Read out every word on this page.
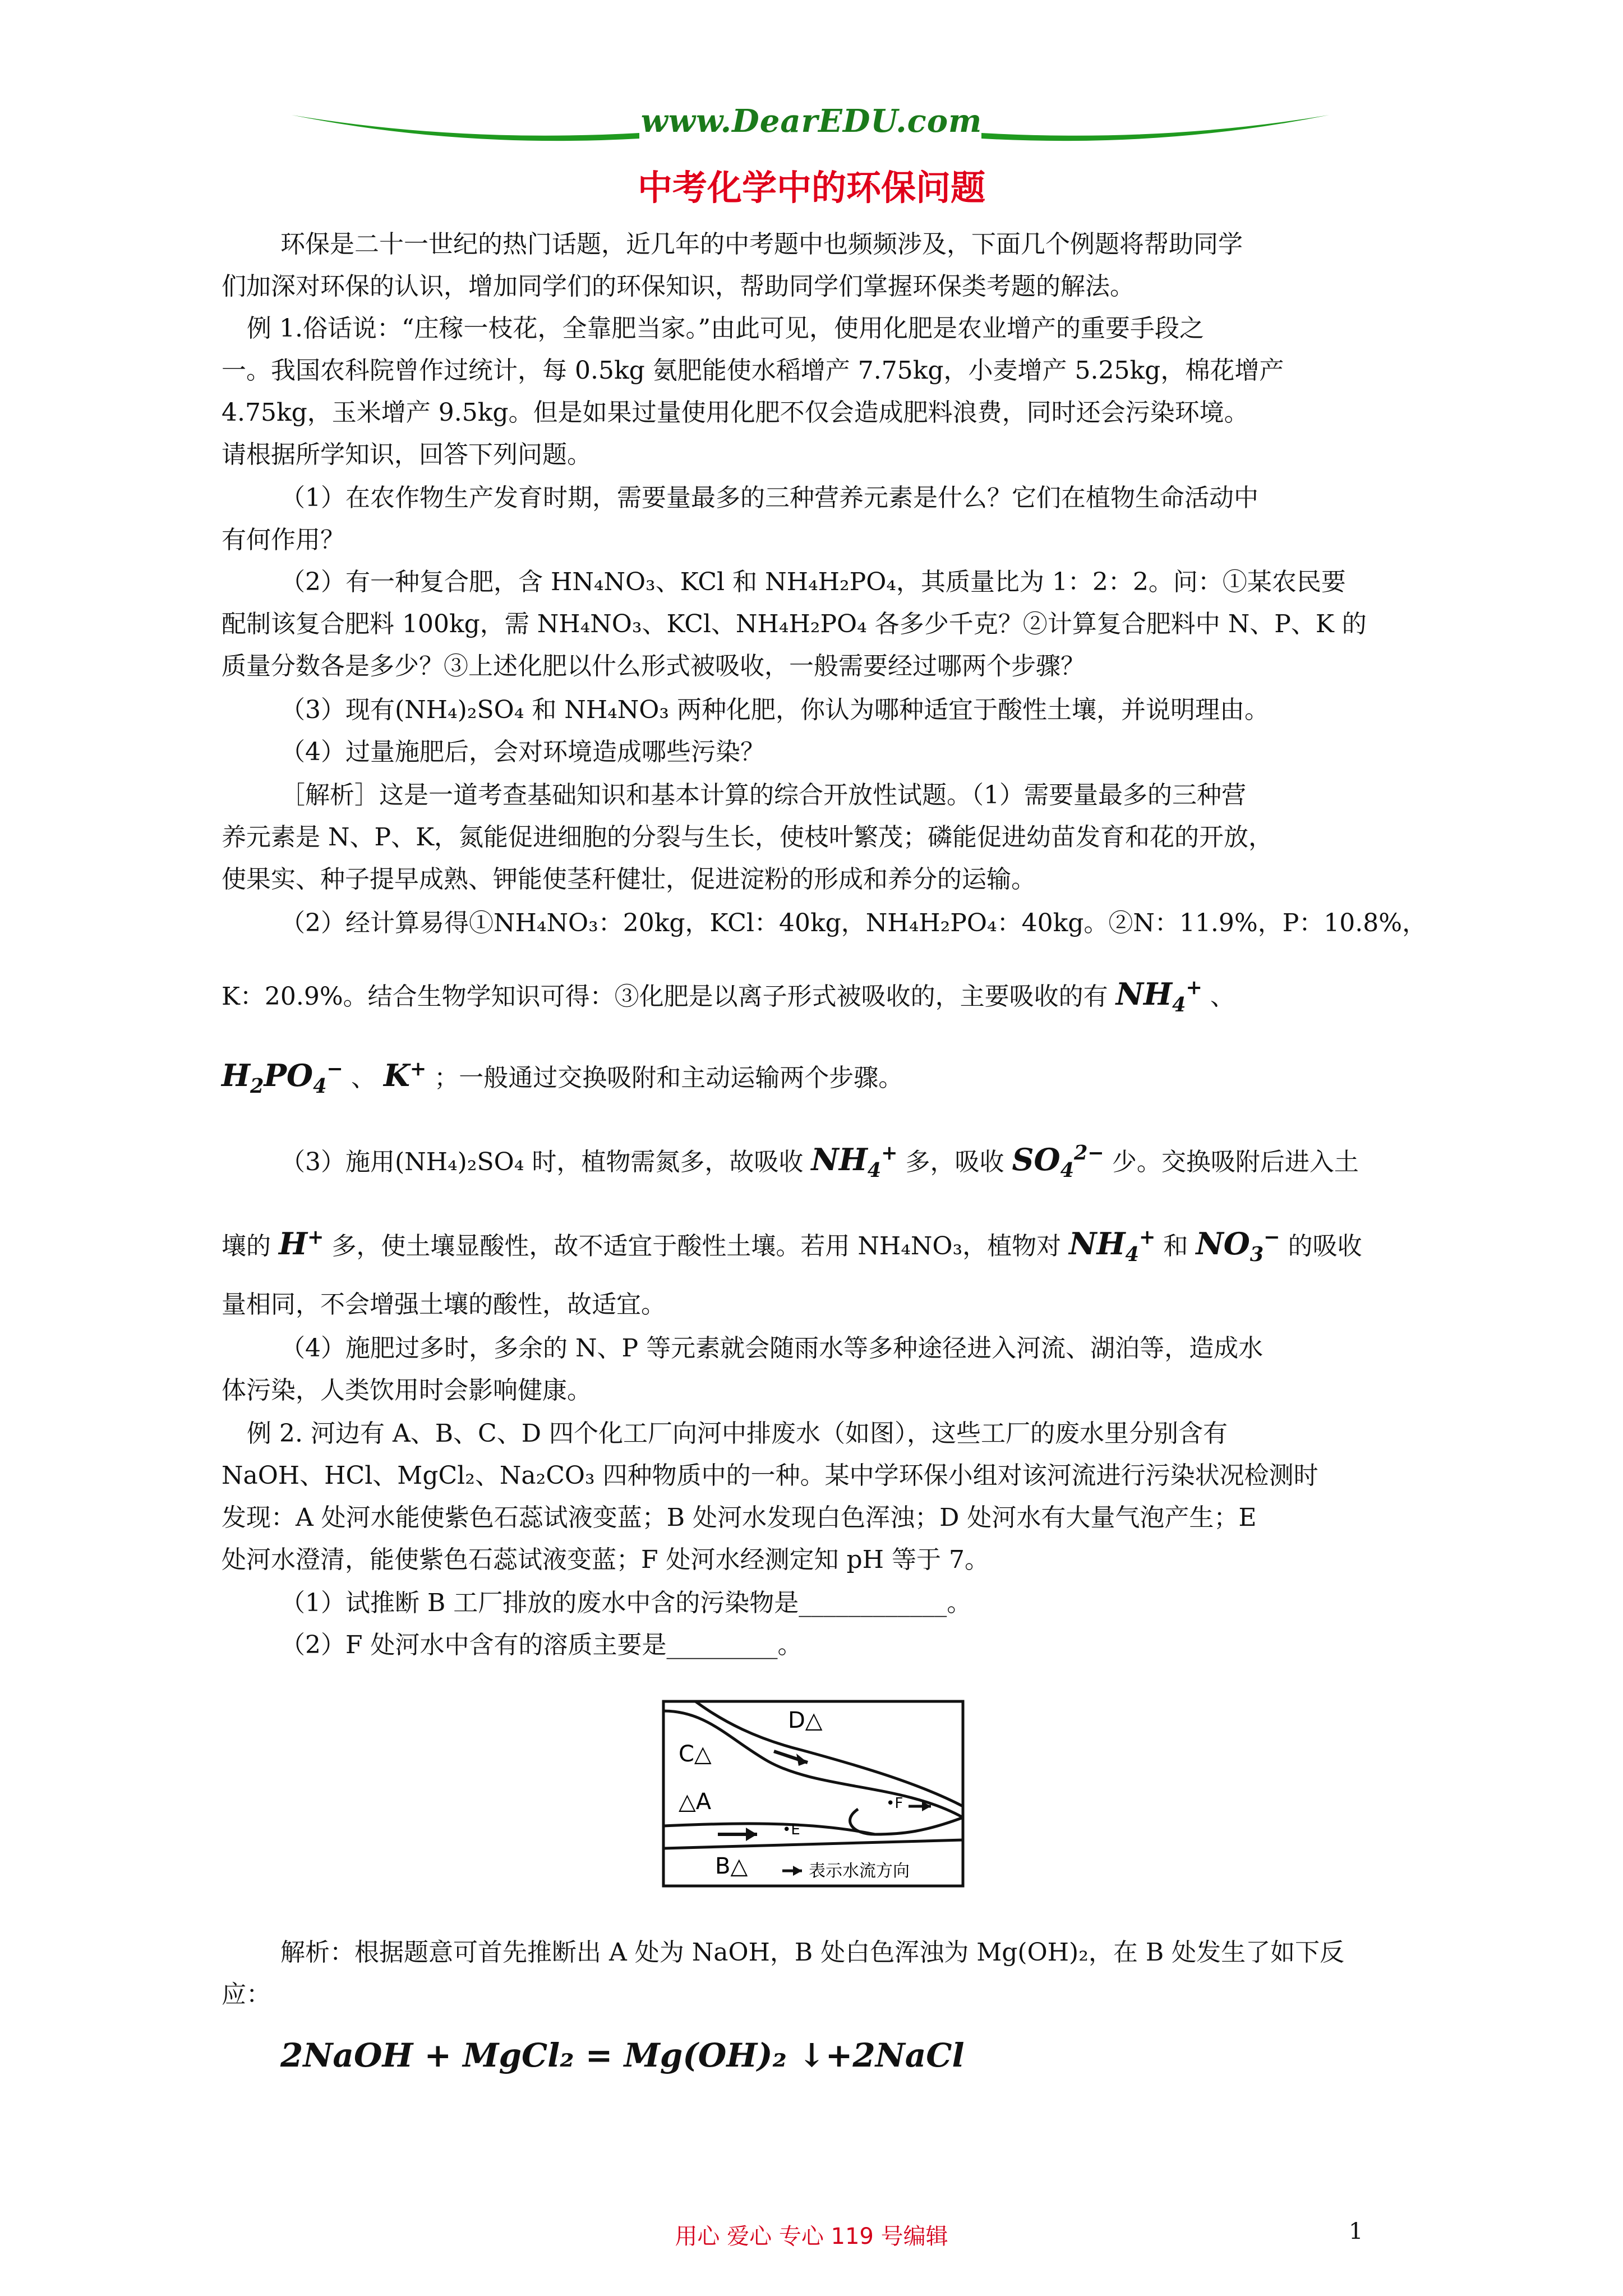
www.DearEDU.com
中考化学中的环保问题
环保是二十一世纪的热门话题，近几年的中考题中也频频涉及，下面几个例题将帮助同学
们加深对环保的认识，增加同学们的环保知识，帮助同学们掌握环保类考题的解法。
例 1.俗话说：“庄稼一枝花，全靠肥当家。”由此可见，使用化肥是农业增产的重要手段之
一。我国农科院曾作过统计，每 0.5kg 氨肥能使水稻增产 7.75kg，小麦增产 5.25kg，棉花增产
4.75kg，玉米增产 9.5kg。但是如果过量使用化肥不仅会造成肥料浪费，同时还会污染环境。
请根据所学知识，回答下列问题。
（1）在农作物生产发育时期，需要量最多的三种营养元素是什么？它们在植物生命活动中
有何作用？
（2）有一种复合肥，含 HN₄NO₃、KCl 和 NH₄H₂PO₄，其质量比为 1：2：2。问：①某农民要
配制该复合肥料 100kg，需 NH₄NO₃、KCl、NH₄H₂PO₄ 各多少千克？②计算复合肥料中 N、P、K 的
质量分数各是多少？③上述化肥以什么形式被吸收，一般需要经过哪两个步骤？
（3）现有(NH₄)₂SO₄ 和 NH₄NO₃ 两种化肥，你认为哪种适宜于酸性土壤，并说明理由。
（4）过量施肥后，会对环境造成哪些污染？
［解析］这是一道考查基础知识和基本计算的综合开放性试题。（1）需要量最多的三种营
养元素是 N、P、K，氮能促进细胞的分裂与生长，使枝叶繁茂；磷能促进幼苗发育和花的开放，
使果实、种子提早成熟、钾能使茎秆健壮，促进淀粉的形成和养分的运输。
（2）经计算易得①NH₄NO₃：20kg，KCl：40kg，NH₄H₂PO₄：40kg。②N：11.9%，P：10.8%，
K：20.9%。结合生物学知识可得：③化肥是以离子形式被吸收的，主要吸收的有 $NH_4^+$ 、
$H_2PO_4^-$ 、 K+ ；一般通过交换吸附和主动运输两个步骤。
（3）施用(NH₄)₂SO₄ 时，植物需氮多，故吸收 $NH_4^+$ 多，吸收 $SO_4^{2-}$ 少。交换吸附后进入土
壤的 H+ 多，使土壤显酸性，故不适宜于酸性土壤。若用 NH₄NO₃，植物对 $NH_4^+$ 和 $NO_3^-$ 的吸收
量相同，不会增强土壤的酸性，故适宜。
（4）施肥过多时，多余的 N、P 等元素就会随雨水等多种途径进入河流、湖泊等，造成水
体污染，人类饮用时会影响健康。
例 2. 河边有 A、B、C、D 四个化工厂向河中排废水（如图），这些工厂的废水里分别含有
NaOH、HCl、MgCl₂、Na₂CO₃ 四种物质中的一种。某中学环保小组对该河流进行污染状况检测时
发现：A 处河水能使紫色石蕊试液变蓝；B 处河水发现白色浑浊；D 处河水有大量气泡产生；E
处河水澄清，能使紫色石蕊试液变蓝；F 处河水经测定知 pH 等于 7。
（1）试推断 B 工厂排放的废水中含的污染物是____________。
（2）F 处河水中含有的溶质主要是_________。
D△
C△
△A
•E
•F
B△	表示水流方向
解析：根据题意可首先推断出 A 处为 NaOH，B 处白色浑浊为 Mg(OH)₂，在 B 处发生了如下反
应：
2NaOH + MgCl₂ = Mg(OH)₂ ↓+2NaCl
用心 爱心 专心 119 号编辑	1
